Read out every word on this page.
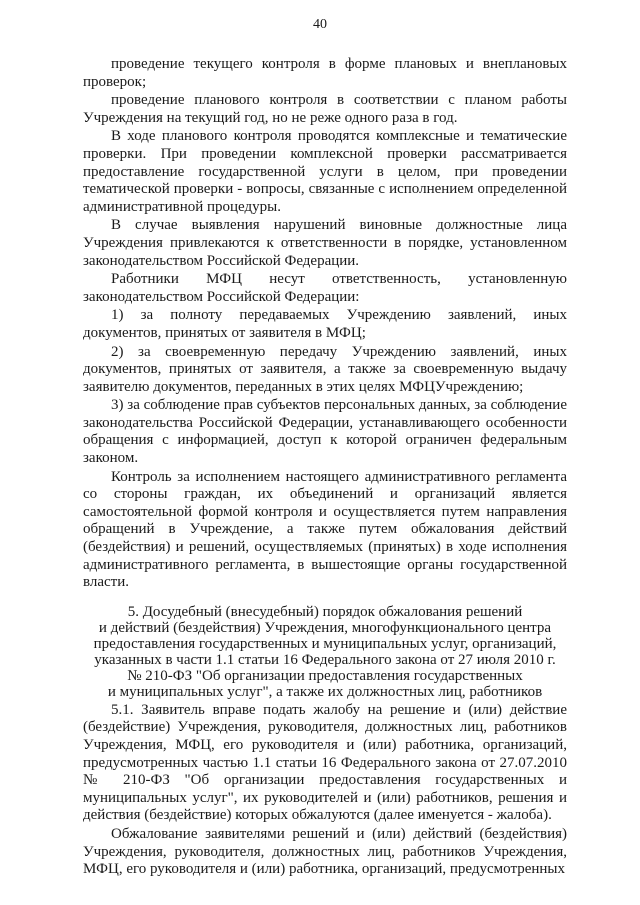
40

проведение текущего контроля в форме плановых и внеплановых проверок;

проведение планового контроля в соответствии с планом работы Учреждения на текущий год, но не реже одного раза в год.

В ходе планового контроля проводятся комплексные и тематические проверки. При проведении комплексной проверки рассматривается предоставление государственной услуги в целом, при проведении тематической проверки - вопросы, связанные с исполнением определенной административной процедуры.

В случае выявления нарушений виновные должностные лица Учреждения привлекаются к ответственности в порядке, установленном законодательством Российской Федерации.

Работники МФЦ несут ответственность, установленную законодательством Российской Федерации:

1) за полноту передаваемых Учреждению заявлений, иных документов, принятых от заявителя в МФЦ;

2) за своевременную передачу Учреждению заявлений, иных документов, принятых от заявителя, а также за своевременную выдачу заявителю документов, переданных в этих целях МФЦУчреждению;

3) за соблюдение прав субъектов персональных данных, за соблюдение законодательства Российской Федерации, устанавливающего особенности обращения с информацией, доступ к которой ограничен федеральным законом.

Контроль за исполнением настоящего административного регламента со стороны граждан, их объединений и организаций является самостоятельной формой контроля и осуществляется путем направления обращений в Учреждение, а также путем обжалования действий (бездействия) и решений, осуществляемых (принятых) в ходе исполнения административного регламента, в вышестоящие органы государственной власти.

5. Досудебный (внесудебный) порядок обжалования решений
и действий (бездействия) Учреждения, многофункционального центра
предоставления государственных и муниципальных услуг, организаций,
указанных в части 1.1 статьи 16 Федерального закона от 27 июля 2010 г.
№ 210-ФЗ "Об организации предоставления государственных
и муниципальных услуг", а также их должностных лиц, работников

5.1. Заявитель вправе подать жалобу на решение и (или) действие (бездействие) Учреждения, руководителя, должностных лиц, работников Учреждения, МФЦ, его руководителя и (или) работника, организаций, предусмотренных частью 1.1 статьи 16 Федерального закона от 27.07.2010 № 210-ФЗ "Об организации предоставления государственных и муниципальных услуг", их руководителей и (или) работников, решения и действия (бездействие) которых обжалуются (далее именуется - жалоба).

Обжалование заявителями решений и (или) действий (бездействия) Учреждения, руководителя, должностных лиц, работников Учреждения, МФЦ, его руководителя и (или) работника, организаций, предусмотренных
